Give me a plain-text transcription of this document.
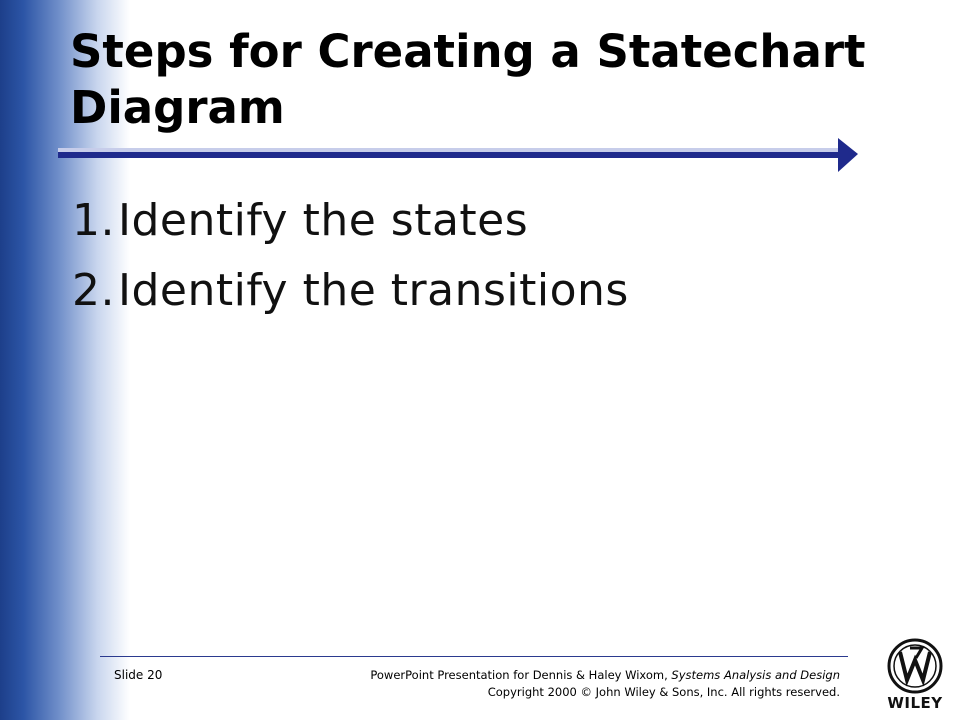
Steps for Creating a Statechart
Diagram
1. Identify the states
2. Identify the transitions
Slide 20	PowerPoint Presentation for Dennis & Haley Wixom, Systems Analysis and Design
Copyright 2000 © John Wiley & Sons, Inc. All rights reserved.
WILEY
